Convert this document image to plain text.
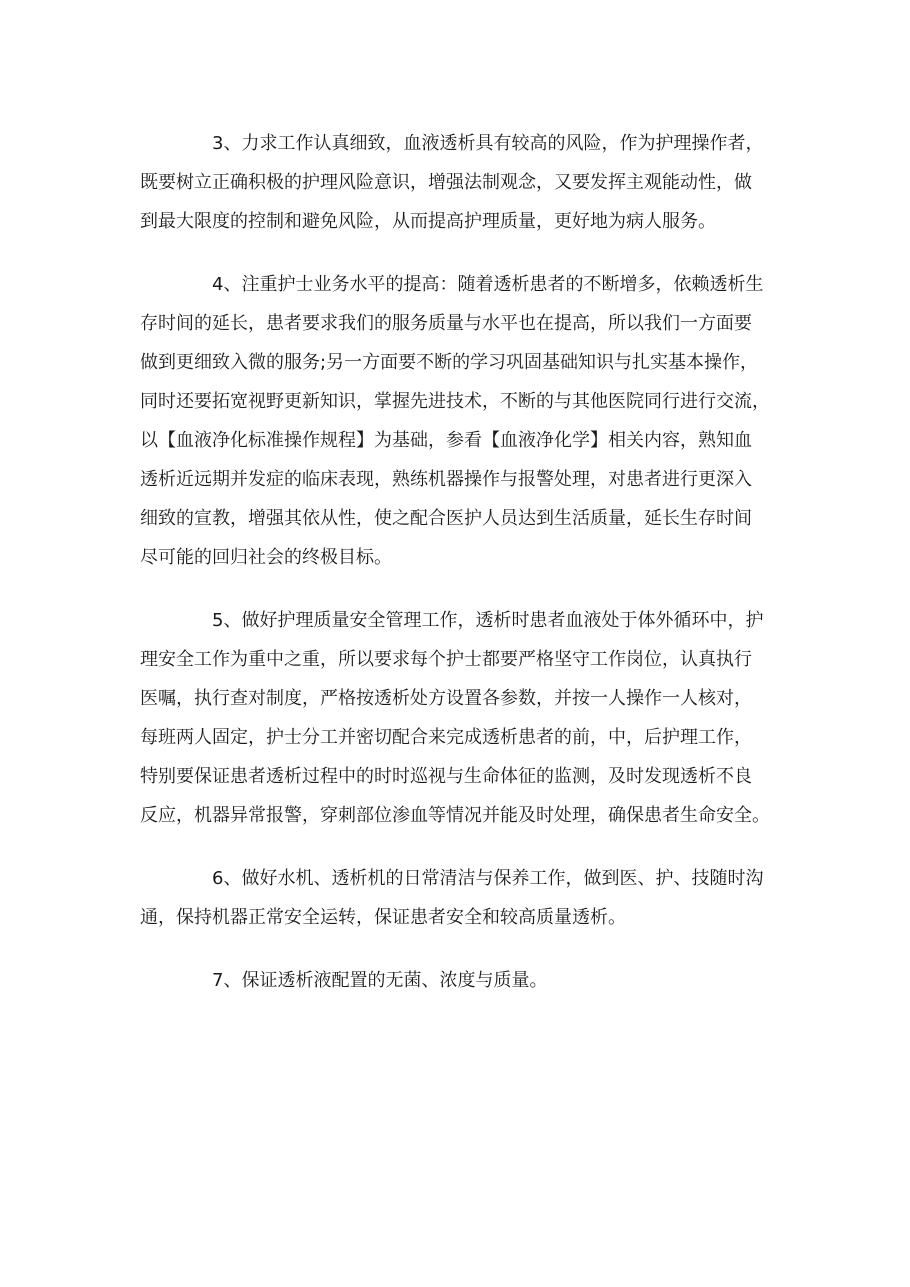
3、力求工作认真细致，血液透析具有较高的风险，作为护理操作者，
既要树立正确积极的护理风险意识，增强法制观念，又要发挥主观能动性，做
到最大限度的控制和避免风险，从而提高护理质量，更好地为病人服务。

4、注重护士业务水平的提高：随着透析患者的不断增多，依赖透析生
存时间的延长，患者要求我们的服务质量与水平也在提高，所以我们一方面要
做到更细致入微的服务;另一方面要不断的学习巩固基础知识与扎实基本操作，
同时还要拓宽视野更新知识，掌握先进技术，不断的与其他医院同行进行交流，
以【血液净化标准操作规程】为基础，参看【血液净化学】相关内容，熟知血
透析近远期并发症的临床表现，熟练机器操作与报警处理，对患者进行更深入
细致的宣教，增强其依从性，使之配合医护人员达到生活质量，延长生存时间
尽可能的回归社会的终极目标。

5、做好护理质量安全管理工作，透析时患者血液处于体外循环中，护
理安全工作为重中之重，所以要求每个护士都要严格坚守工作岗位，认真执行
医嘱，执行查对制度，严格按透析处方设置各参数，并按一人操作一人核对，
每班两人固定，护士分工并密切配合来完成透析患者的前，中，后护理工作，
特别要保证患者透析过程中的时时巡视与生命体征的监测，及时发现透析不良
反应，机器异常报警，穿刺部位渗血等情况并能及时处理，确保患者生命安全。

6、做好水机、透析机的日常清洁与保养工作，做到医、护、技随时沟
通，保持机器正常安全运转，保证患者安全和较高质量透析。

7、保证透析液配置的无菌、浓度与质量。
